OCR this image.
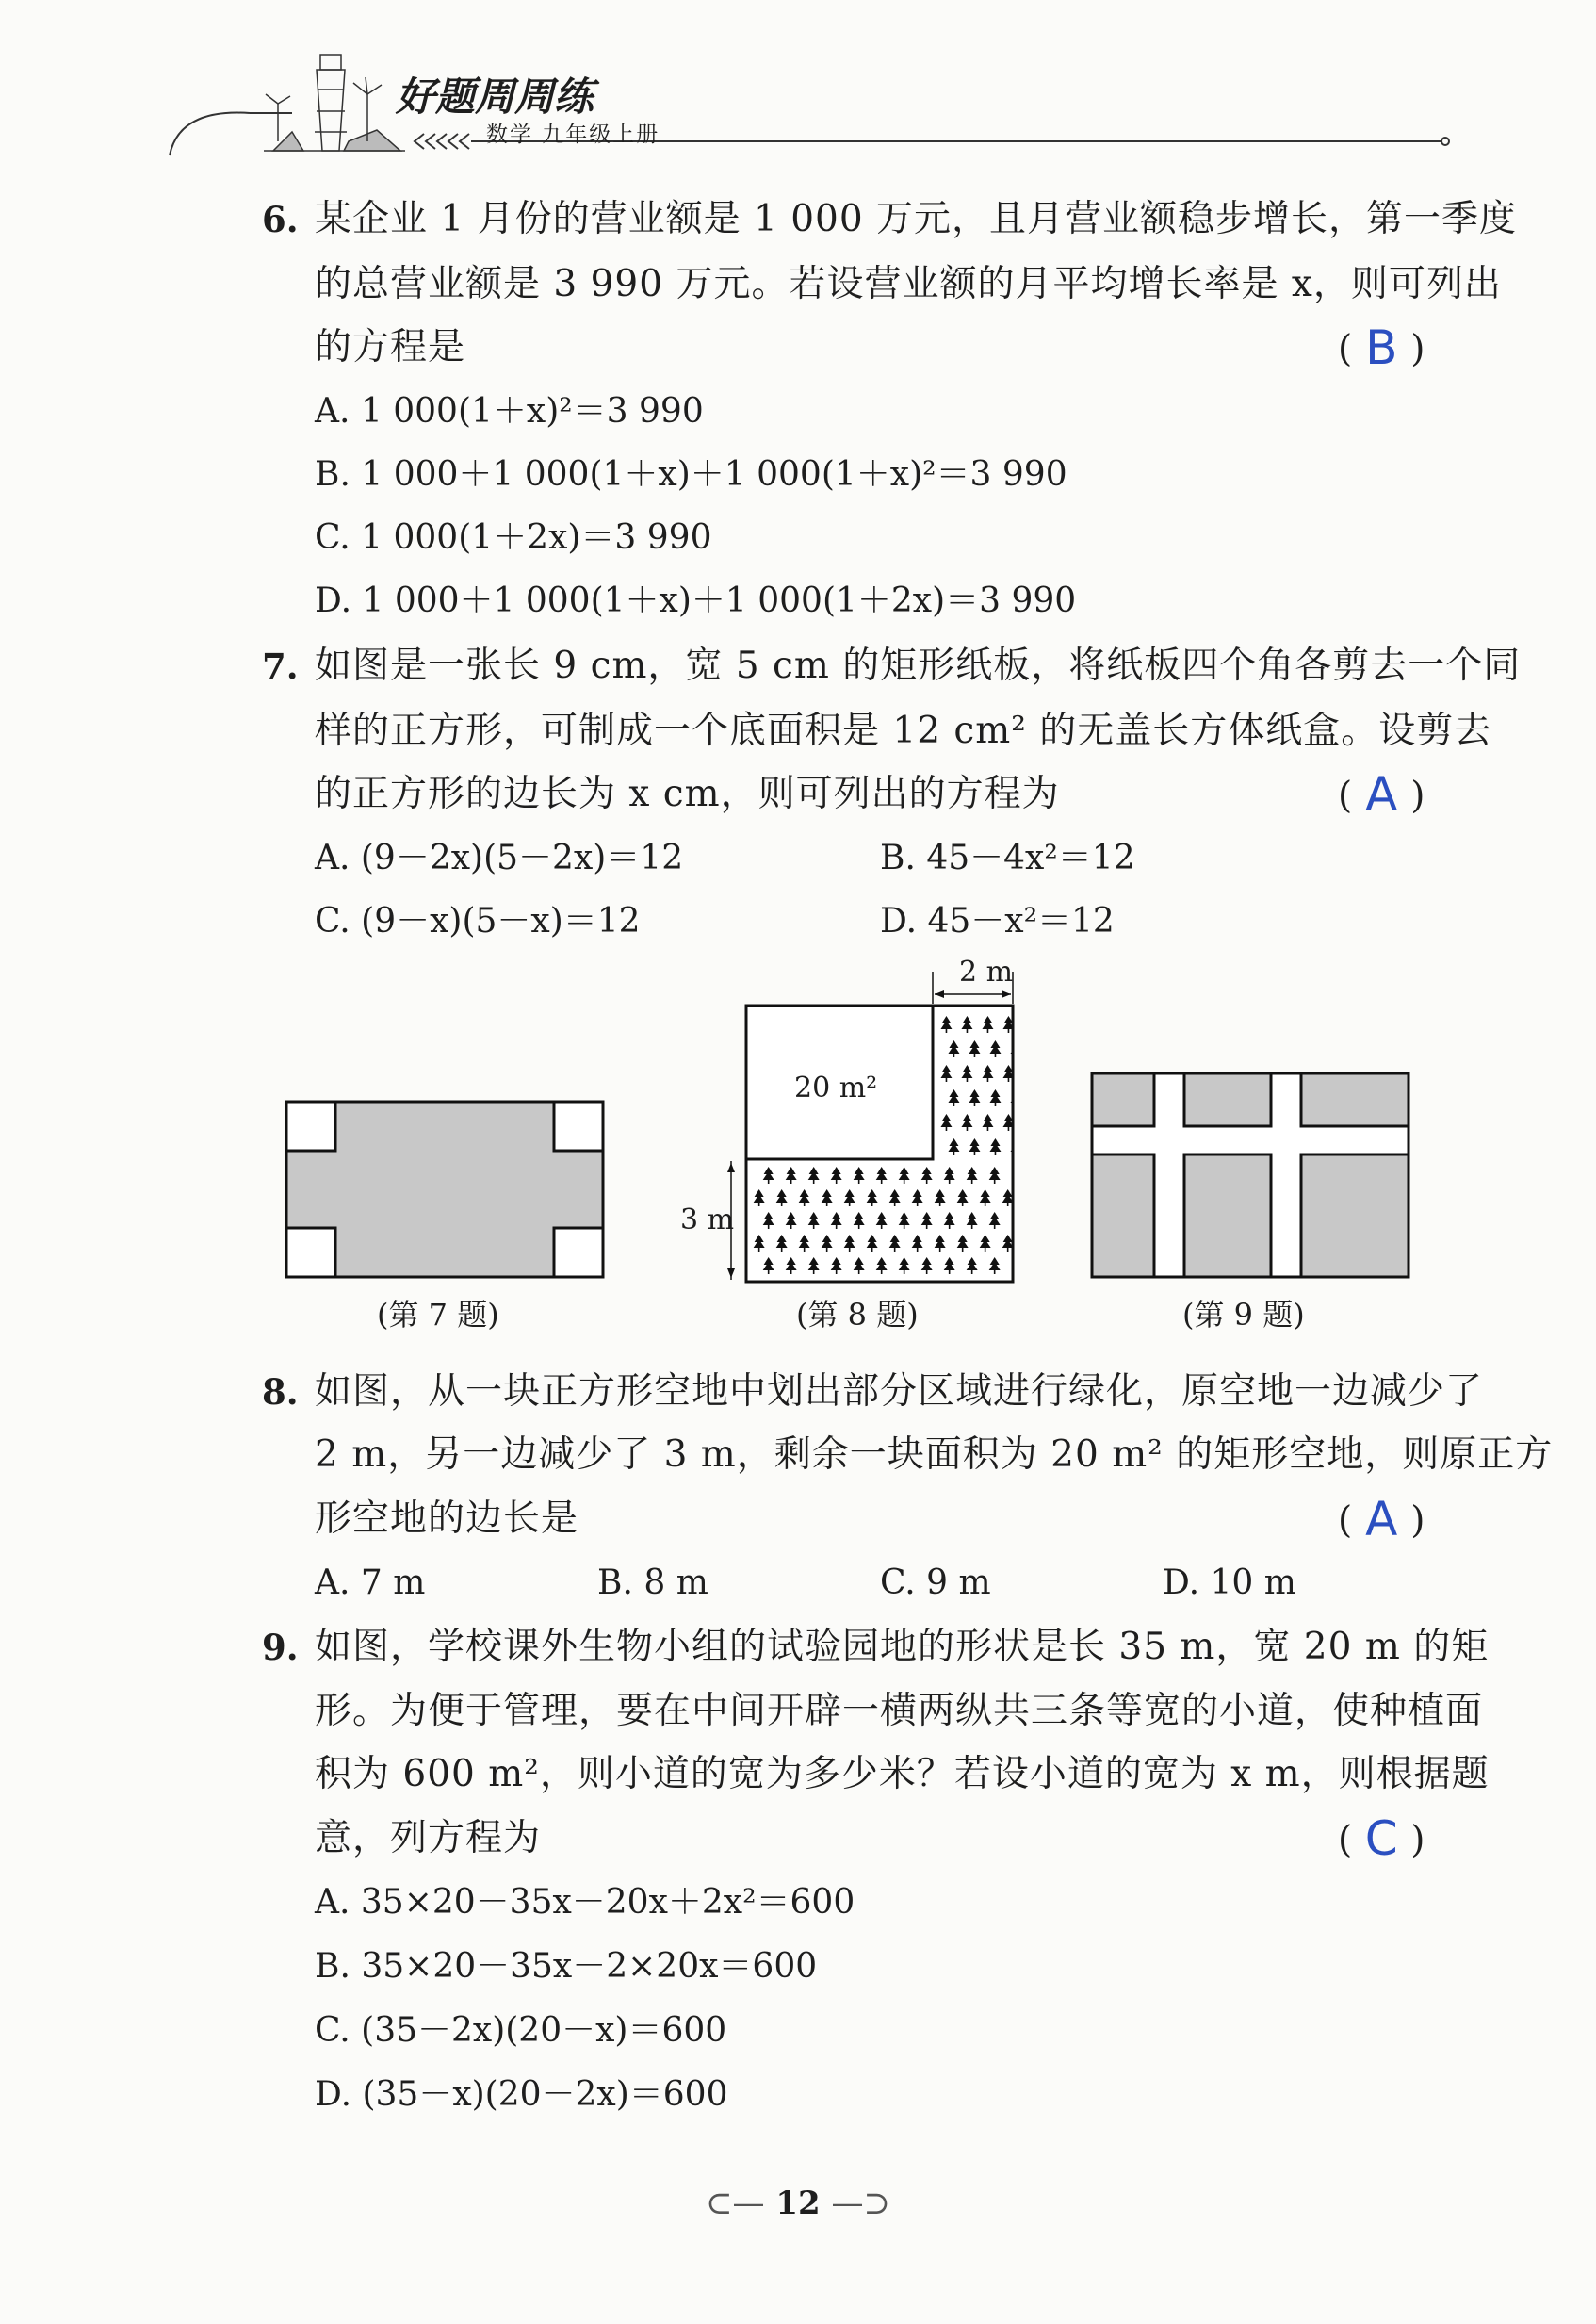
好题周周练
数学 九年级上册
6. 某企业 1 月份的营业额是 1 000 万元，且月营业额稳步增长，第一季度
的总营业额是 3 990 万元。若设营业额的月平均增长率是 x，则可列出
的方程是	( B )
A. 1 000(1＋x)²＝3 990
B. 1 000＋1 000(1＋x)＋1 000(1＋x)²＝3 990
C. 1 000(1＋2x)＝3 990
D. 1 000＋1 000(1＋x)＋1 000(1＋2x)＝3 990
7. 如图是一张长 9 cm，宽 5 cm 的矩形纸板，将纸板四个角各剪去一个同
样的正方形，可制成一个底面积是 12 cm² 的无盖长方体纸盒。设剪去
的正方形的边长为 x cm，则可列出的方程为	( A )
A. (9－2x)(5－2x)＝12	B. 45－4x²＝12
C. (9－x)(5－x)＝12	D. 45－x²＝12
(第 7 题)
2 m
20 m²
3 m
(第 8 题)	(第 9 题)
8. 如图，从一块正方形空地中划出部分区域进行绿化，原空地一边减少了
2 m，另一边减少了 3 m，剩余一块面积为 20 m² 的矩形空地，则原正方
形空地的边长是	( A )
A. 7 m	B. 8 m	C. 9 m	D. 10 m
9. 如图，学校课外生物小组的试验园地的形状是长 35 m，宽 20 m 的矩
形。为便于管理，要在中间开辟一横两纵共三条等宽的小道，使种植面
积为 600 m²，则小道的宽为多少米？若设小道的宽为 x m，则根据题
意，列方程为	( C )
A. 35×20－35x－20x＋2x²＝600
B. 35×20－35x－2×20x＝600
C. (35－2x)(20－x)＝600
D. (35－x)(20－2x)＝600
⊂— 12 —⊃
